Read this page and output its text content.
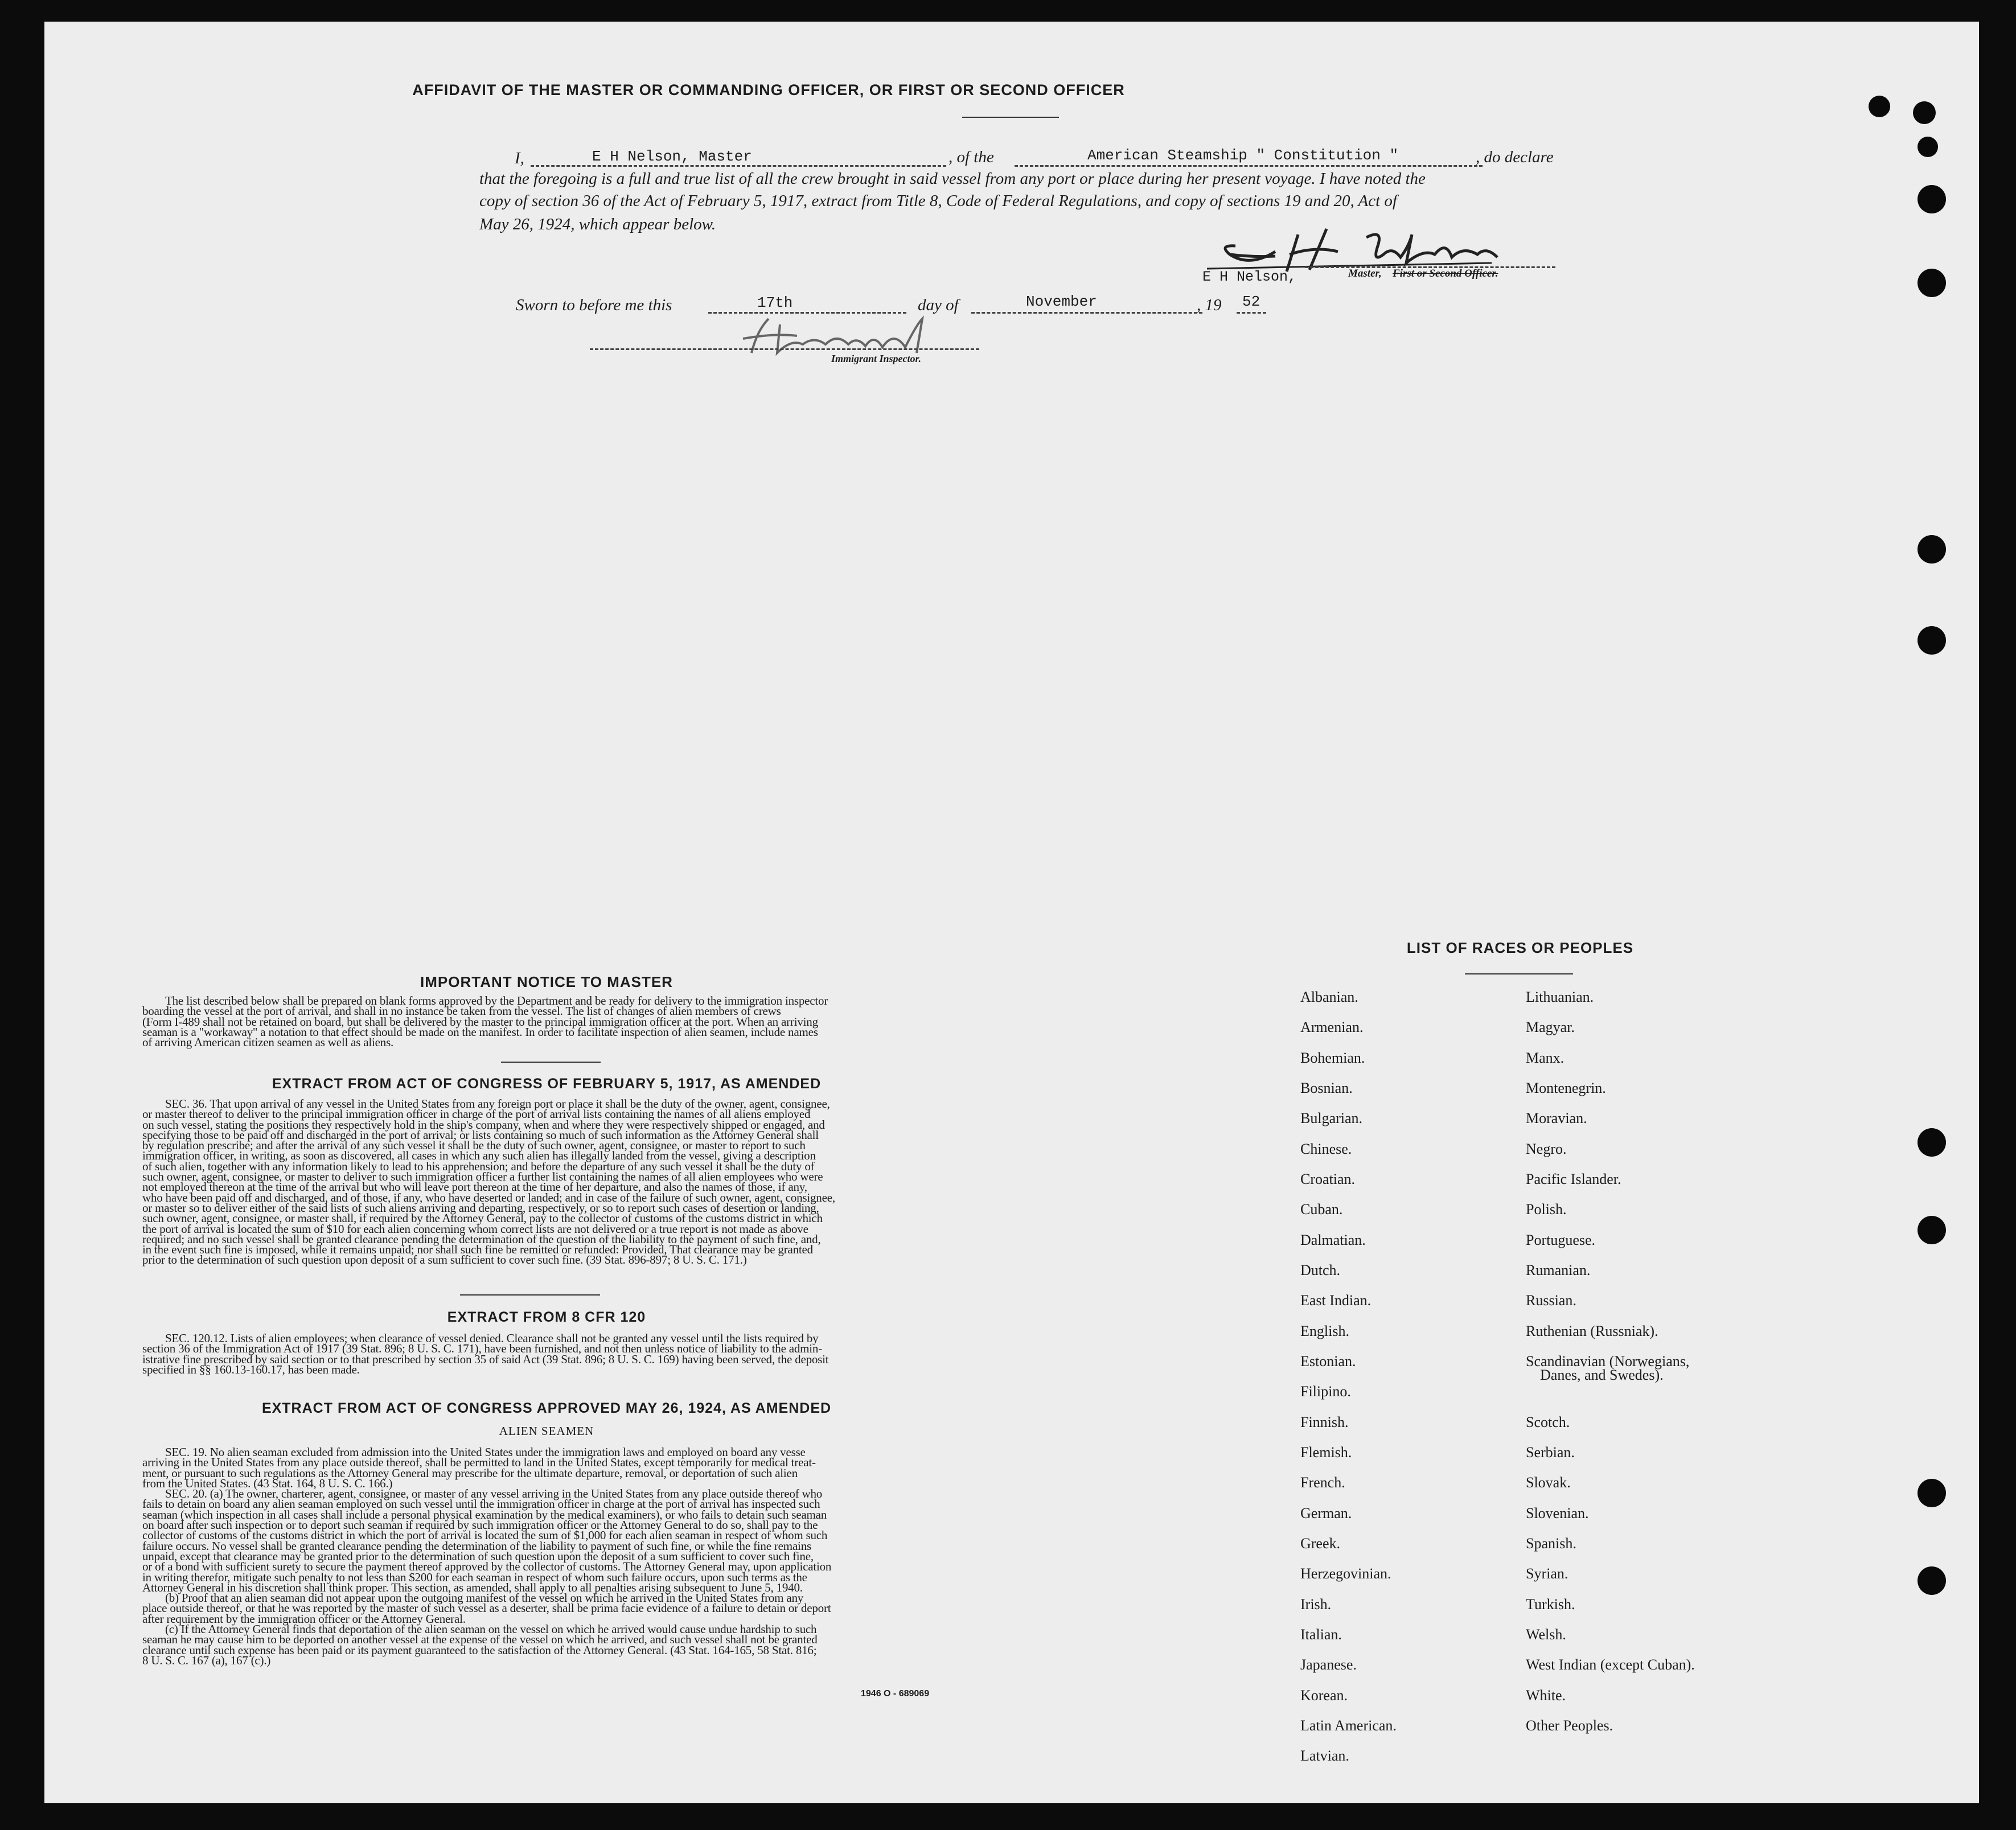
AFFIDAVIT OF THE MASTER OR COMMANDING OFFICER, OR FIRST OR SECOND OFFICER
I,	E H Nelson, Master	, of the	American Steamship " Constitution "	, do declare
that the foregoing is a full and true list of all the crew brought in said vessel from any port or place during her present voyage. I have noted the
copy of section 36 of the Act of February 5, 1917, extract from Title 8, Code of Federal Regulations, and copy of sections 19 and 20, Act of
May 26, 1924, which appear below.
E H Nelson,	Master, First or Second Officer.
Sworn to before me this	17th	day of	November	, 19 52
Immigrant Inspector.
IMPORTANT NOTICE TO MASTER

The list described below shall be prepared on blank forms approved by the Department and be ready for delivery to the immigration inspector

boarding the vessel at the port of arrival, and shall in no instance be taken from the vessel. The list of changes of alien members of crews

(Form I-489 shall not be retained on board, but shall be delivered by the master to the principal immigration officer at the port. When an arriving

seaman is a "workaway" a notation to that effect should be made on the manifest. In order to facilitate inspection of alien seamen, include names

of arriving American citizen seamen as well as aliens.

EXTRACT FROM ACT OF CONGRESS OF FEBRUARY 5, 1917, AS AMENDED

SEC. 36. That upon arrival of any vessel in the United States from any foreign port or place it shall be the duty of the owner, agent, consignee,

or master thereof to deliver to the principal immigration officer in charge of the port of arrival lists containing the names of all aliens employed

on such vessel, stating the positions they respectively hold in the ship's company, when and where they were respectively shipped or engaged, and

specifying those to be paid off and discharged in the port of arrival; or lists containing so much of such information as the Attorney General shall

by regulation prescribe; and after the arrival of any such vessel it shall be the duty of such owner, agent, consignee, or master to report to such

immigration officer, in writing, as soon as discovered, all cases in which any such alien has illegally landed from the vessel, giving a description

of such alien, together with any information likely to lead to his apprehension; and before the departure of any such vessel it shall be the duty of

such owner, agent, consignee, or master to deliver to such immigration officer a further list containing the names of all alien employees who were

not employed thereon at the time of the arrival but who will leave port thereon at the time of her departure, and also the names of those, if any,

who have been paid off and discharged, and of those, if any, who have deserted or landed; and in case of the failure of such owner, agent, consignee,

or master so to deliver either of the said lists of such aliens arriving and departing, respectively, or so to report such cases of desertion or landing,

such owner, agent, consignee, or master shall, if required by the Attorney General, pay to the collector of customs of the customs district in which

the port of arrival is located the sum of $10 for each alien concerning whom correct lists are not delivered or a true report is not made as above

required; and no such vessel shall be granted clearance pending the determination of the question of the liability to the payment of such fine, and,

in the event such fine is imposed, while it remains unpaid; nor shall such fine be remitted or refunded: Provided, That clearance may be granted

prior to the determination of such question upon deposit of a sum sufficient to cover such fine. (39 Stat. 896-897; 8 U. S. C. 171.)

EXTRACT FROM 8 CFR 120

SEC. 120.12. Lists of alien employees; when clearance of vessel denied. Clearance shall not be granted any vessel until the lists required by

section 36 of the Immigration Act of 1917 (39 Stat. 896; 8 U. S. C. 171), have been furnished, and not then unless notice of liability to the admin-

istrative fine prescribed by said section or to that prescribed by section 35 of said Act (39 Stat. 896; 8 U. S. C. 169) having been served, the deposit

specified in §§ 160.13-160.17, has been made.

EXTRACT FROM ACT OF CONGRESS APPROVED MAY 26, 1924, AS AMENDED
ALIEN SEAMEN

SEC. 19. No alien seaman excluded from admission into the United States under the immigration laws and employed on board any vesse

arriving in the United States from any place outside thereof, shall be permitted to land in the United States, except temporarily for medical treat-

ment, or pursuant to such regulations as the Attorney General may prescribe for the ultimate departure, removal, or deportation of such alien

from the United States. (43 Stat. 164, 8 U. S. C. 166.)

SEC. 20. (a) The owner, charterer, agent, consignee, or master of any vessel arriving in the United States from any place outside thereof who

fails to detain on board any alien seaman employed on such vessel until the immigration officer in charge at the port of arrival has inspected such

seaman (which inspection in all cases shall include a personal physical examination by the medical examiners), or who fails to detain such seaman

on board after such inspection or to deport such seaman if required by such immigration officer or the Attorney General to do so, shall pay to the

collector of customs of the customs district in which the port of arrival is located the sum of $1,000 for each alien seaman in respect of whom such

failure occurs. No vessel shall be granted clearance pending the determination of the liability to payment of such fine, or while the fine remains

unpaid, except that clearance may be granted prior to the determination of such question upon the deposit of a sum sufficient to cover such fine,

or of a bond with sufficient surety to secure the payment thereof approved by the collector of customs. The Attorney General may, upon application

in writing therefor, mitigate such penalty to not less than $200 for each seaman in respect of whom such failure occurs, upon such terms as the

Attorney General in his discretion shall think proper. This section, as amended, shall apply to all penalties arising subsequent to June 5, 1940.

(b) Proof that an alien seaman did not appear upon the outgoing manifest of the vessel on which he arrived in the United States from any

place outside thereof, or that he was reported by the master of such vessel as a deserter, shall be prima facie evidence of a failure to detain or deport

after requirement by the immigration officer or the Attorney General.

(c) If the Attorney General finds that deportation of the alien seaman on the vessel on which he arrived would cause undue hardship to such

seaman he may cause him to be deported on another vessel at the expense of the vessel on which he arrived, and such vessel shall not be granted

clearance until such expense has been paid or its payment guaranteed to the satisfaction of the Attorney General. (43 Stat. 164-165, 58 Stat. 816;

8 U. S. C. 167 (a), 167 (c).)

1946 O - 689069
LIST OF RACES OR PEOPLES
Albanian.
Armenian.
Bohemian.
Bosnian.
Bulgarian.
Chinese.
Croatian.
Cuban.
Dalmatian.
Dutch.
East Indian.
English.
Estonian.
Filipino.
Finnish.
Flemish.
French.
German.
Greek.
Herzegovinian.
Irish.
Italian.
Japanese.
Korean.
Latin American.
Latvian.
Lithuanian.
Magyar.
Manx.
Montenegrin.
Moravian.
Negro.
Pacific Islander.
Polish.
Portuguese.
Rumanian.
Russian.
Ruthenian (Russniak).
Scandinavian (Norwegians,
Danes, and Swedes).
Scotch.
Serbian.
Slovak.
Slovenian.
Spanish.
Syrian.
Turkish.
Welsh.
West Indian (except Cuban).
White.
Other Peoples.
